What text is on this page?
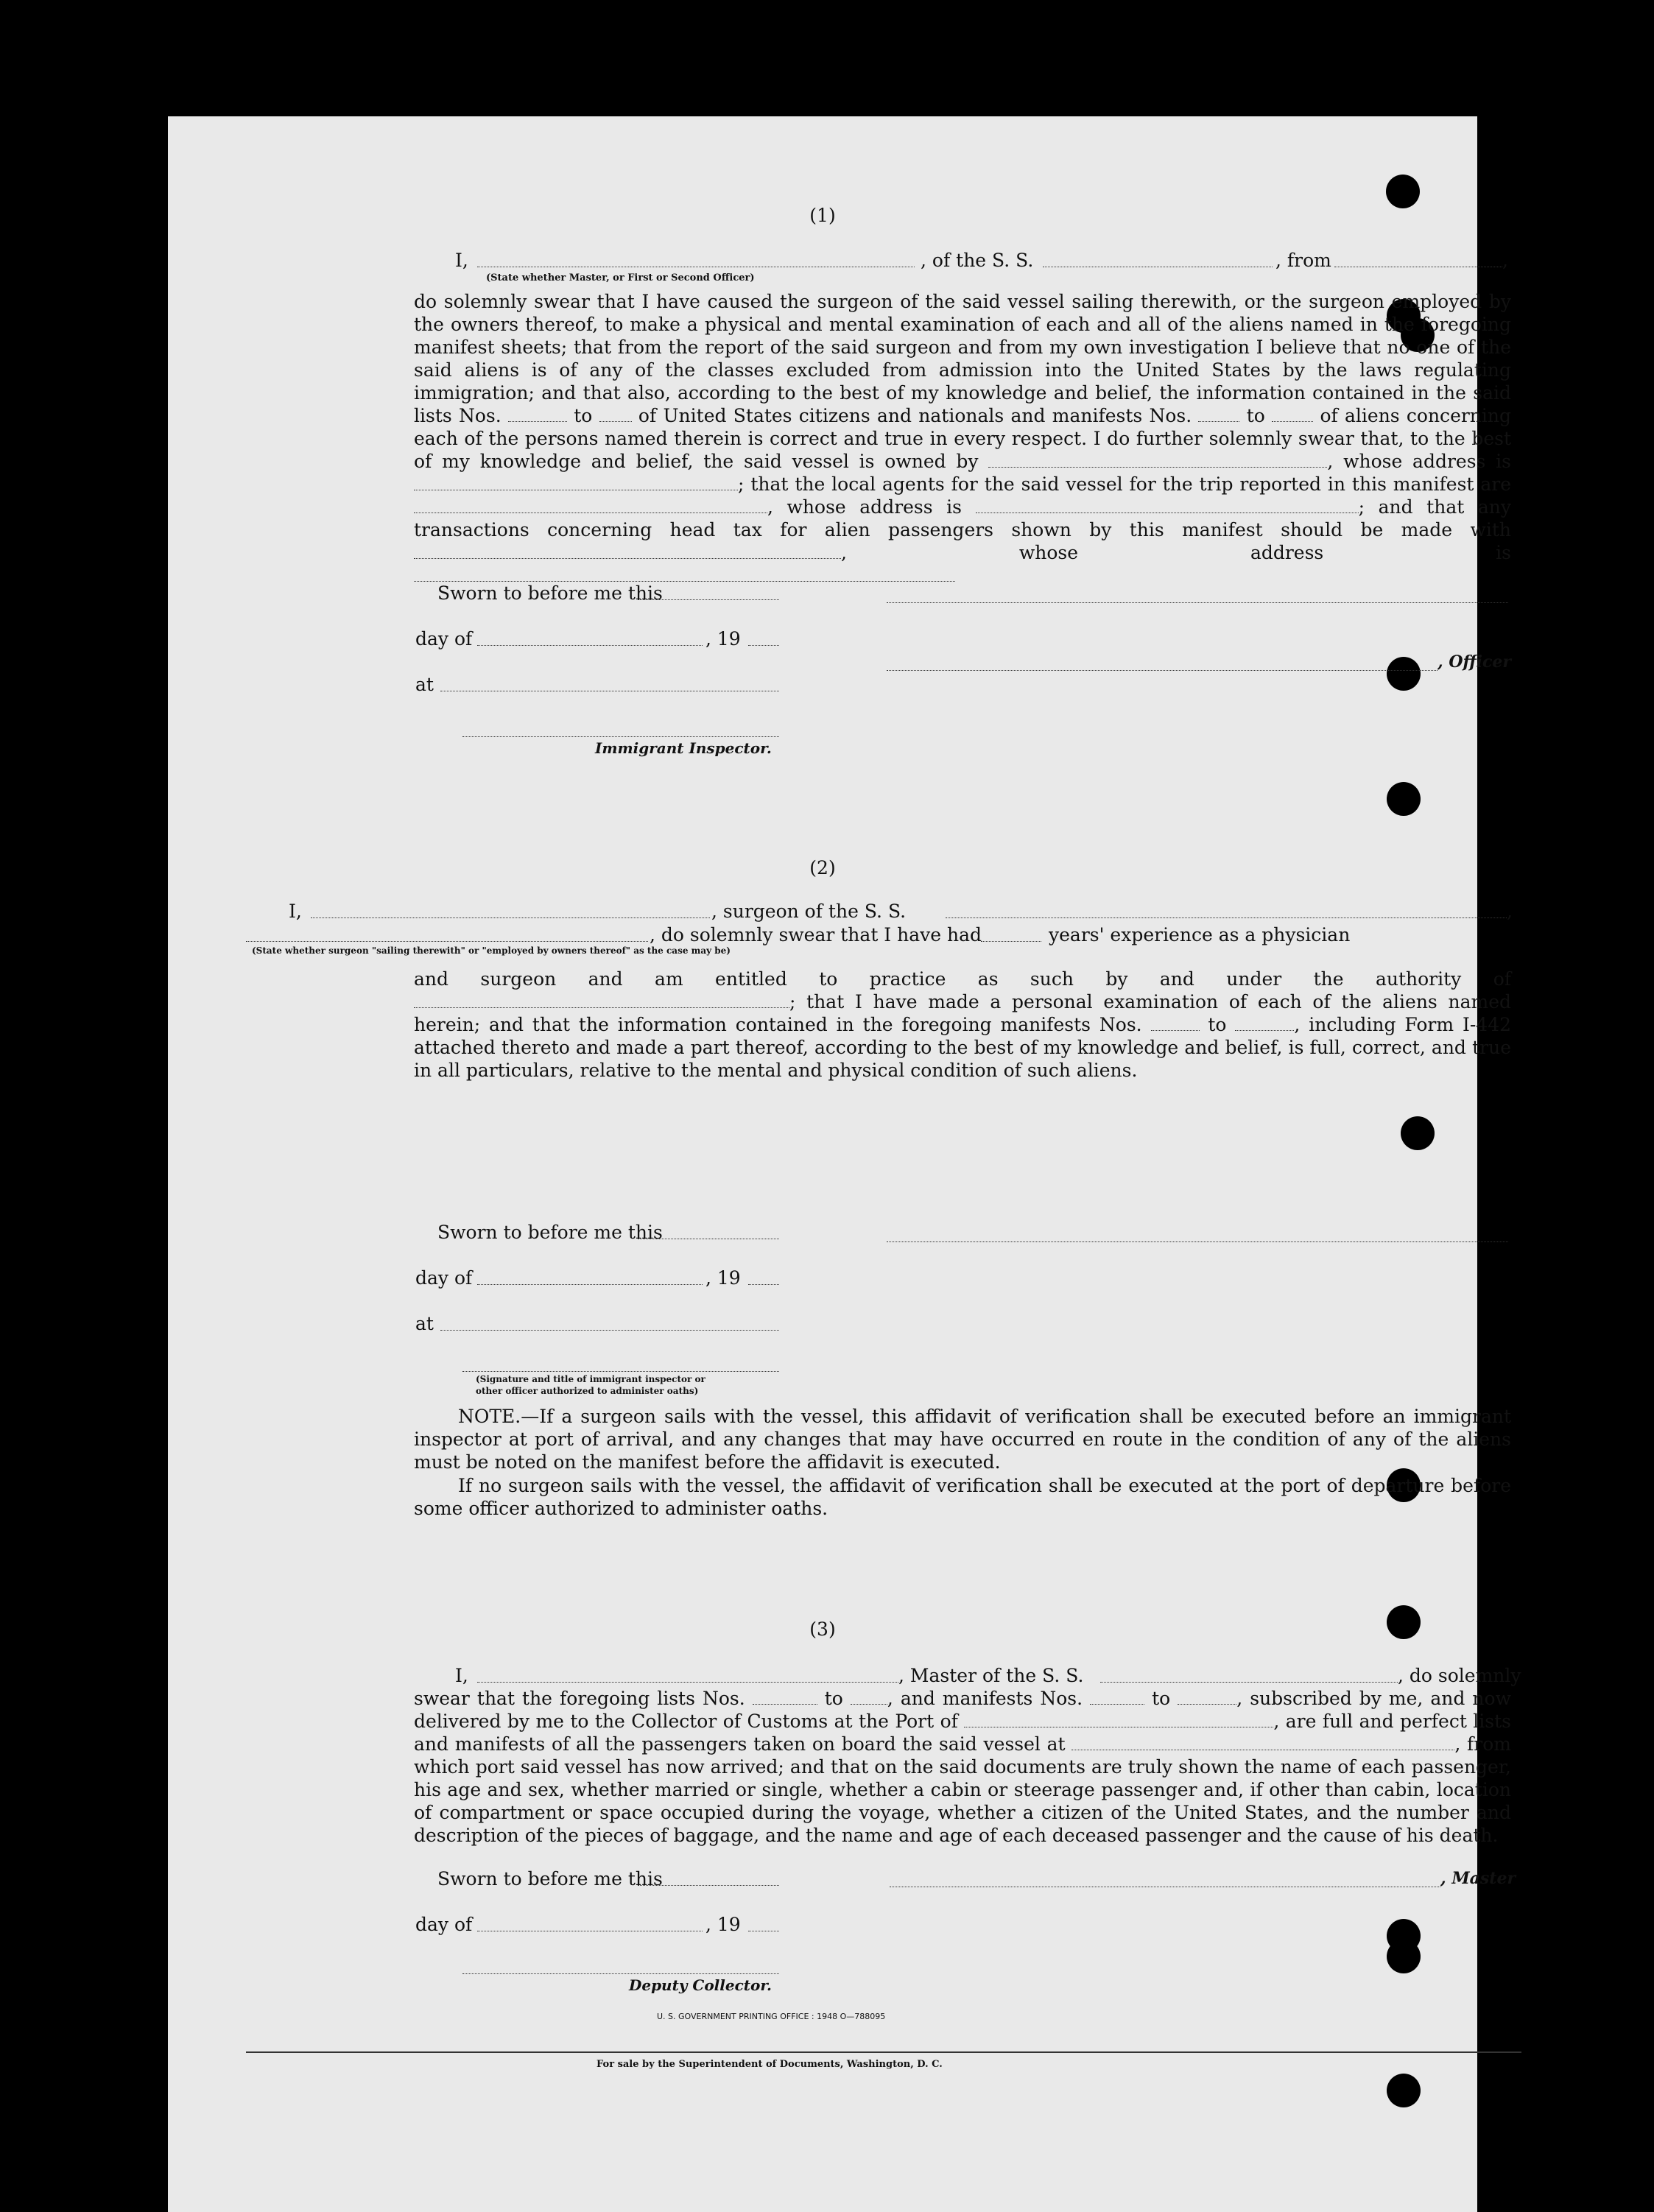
(1)
I,	, of the S. S.	, from	,
(State whether Master, or First or Second Officer)
do solemnly swear that I have caused the surgeon of the said vessel sailing therewith, or the surgeon employed by the owners thereof, to make a physical and mental examination of each and all of the aliens named in the foregoing manifest sheets; that from the report of the said surgeon and from my own investigation I believe that no one of the said aliens is of any of the classes excluded from admission into the United States by the laws regulating immigration; and that also, according to the best of my knowledge and belief, the information contained in the said lists Nos.	to	of United States citizens and nationals and manifests Nos.	to	of aliens concerning each of the persons named therein is correct and true in every respect. I do further solemnly swear that, to the best of my knowledge and belief, the said vessel is owned by	, whose address is ; that the local agents for the said vessel for the trip reported in this manifest are , whose address is	; and that any transactions concerning head tax for alien passengers shown by this manifest should be made with , whose address is
Sworn to before me this
day of	, 19
, Officer
at
Immigrant Inspector.
(2)
I,	, surgeon of the S. S.	,
, do solemnly swear that I have had	years' experience as a physician
(State whether surgeon "sailing therewith" or "employed by owners thereof" as the case may be)
and surgeon and am entitled to practice as such by and under the authority of ; that I have made a personal examination of each of the aliens named herein; and that the information contained in the foregoing manifests Nos.	to	, including Form I-442 attached thereto and made a part thereof, according to the best of my knowledge and belief, is full, correct, and true in all particulars, relative to the mental and physical condition of such aliens.
Sworn to before me this
day of	, 19
at
(Signature and title of immigrant inspector or
other officer authorized to administer oaths)
NOTE.—If a surgeon sails with the vessel, this affidavit of verification shall be executed before an immigrant inspector at port of arrival, and any changes that may have occurred en route in the condition of any of the aliens must be noted on the manifest before the affidavit is executed.
If no surgeon sails with the vessel, the affidavit of verification shall be executed at the port of departure before some officer authorized to administer oaths.
(3)
I,	, Master of the S. S.	, do solemnly
swear that the foregoing lists Nos.	to , and manifests Nos.	to	, subscribed by me, and now delivered by me to the Collector of Customs at the Port of	, are full and perfect lists and manifests of all the passengers taken on board the said vessel at	, from which port said vessel has now arrived; and that on the said documents are truly shown the name of each passenger, his age and sex, whether married or single, whether a cabin or steerage passenger and, if other than cabin, location of compartment or space occupied during the voyage, whether a citizen of the United States, and the number and description of the pieces of baggage, and the name and age of each deceased passenger and the cause of his death.
Sworn to before me this	, Master
day of	, 19
Deputy Collector.
U. S. GOVERNMENT PRINTING OFFICE : 1948 O—788095
For sale by the Superintendent of Documents, Washington, D. C.
